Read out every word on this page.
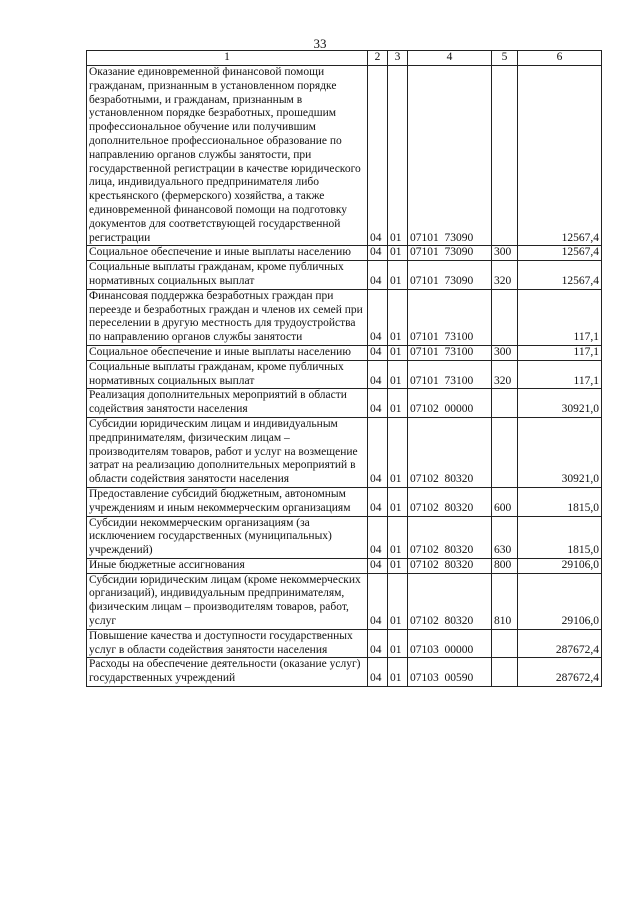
33
1	2	3	4	5	6
Оказание единовременной финансовой помощи гражданам, признанным в установленном порядке безработными, и гражданам, признанным в установленном порядке безработных, прошедшим профессиональное обучение или получившим дополнительное профессиональное образование по направлению органов службы занятости, при государственной регистрации в качестве юридического лица, индивидуального предпринимателя либо крестьянского (фермерского) хозяйства, а также единовременной финансовой помощи на подготовку документов для соответствующей государственной регистрации	04	01	07101  73090		12567,4
Социальное обеспечение и иные выплаты населению	04	01	07101  73090	300	12567,4
Социальные выплаты гражданам, кроме публичных нормативных социальных выплат	04	01	07101  73090	320	12567,4
Финансовая поддержка безработных граждан при переезде и безработных граждан и членов их семей при переселении в другую местность для трудоустройства по направлению органов службы занятости	04	01	07101  73100		117,1
Социальное обеспечение и иные выплаты населению	04	01	07101  73100	300	117,1
Социальные выплаты гражданам, кроме публичных нормативных социальных выплат	04	01	07101  73100	320	117,1
Реализация дополнительных мероприятий в области содействия занятости населения	04	01	07102  00000		30921,0
Субсидии юридическим лицам и индивидуальным предпринимателям, физическим лицам – производителям товаров, работ и услуг на возмещение затрат на реализацию дополнительных мероприятий в области содействия занятости населения	04	01	07102  80320		30921,0
Предоставление субсидий бюджетным, автономным учреждениям и иным некоммерческим организациям	04	01	07102  80320	600	1815,0
Субсидии некоммерческим организациям (за исключением государственных (муниципальных) учреждений)	04	01	07102  80320	630	1815,0
Иные бюджетные ассигнования	04	01	07102  80320	800	29106,0
Субсидии юридическим лицам (кроме некоммерческих организаций), индивидуальным предпринимателям, физическим лицам – производителям товаров, работ, услуг	04	01	07102  80320	810	29106,0
Повышение качества и доступности государственных услуг в области содействия занятости населения	04	01	07103  00000		287672,4
Расходы на обеспечение деятельности (оказание услуг) государственных учреждений	04	01	07103  00590		287672,4
